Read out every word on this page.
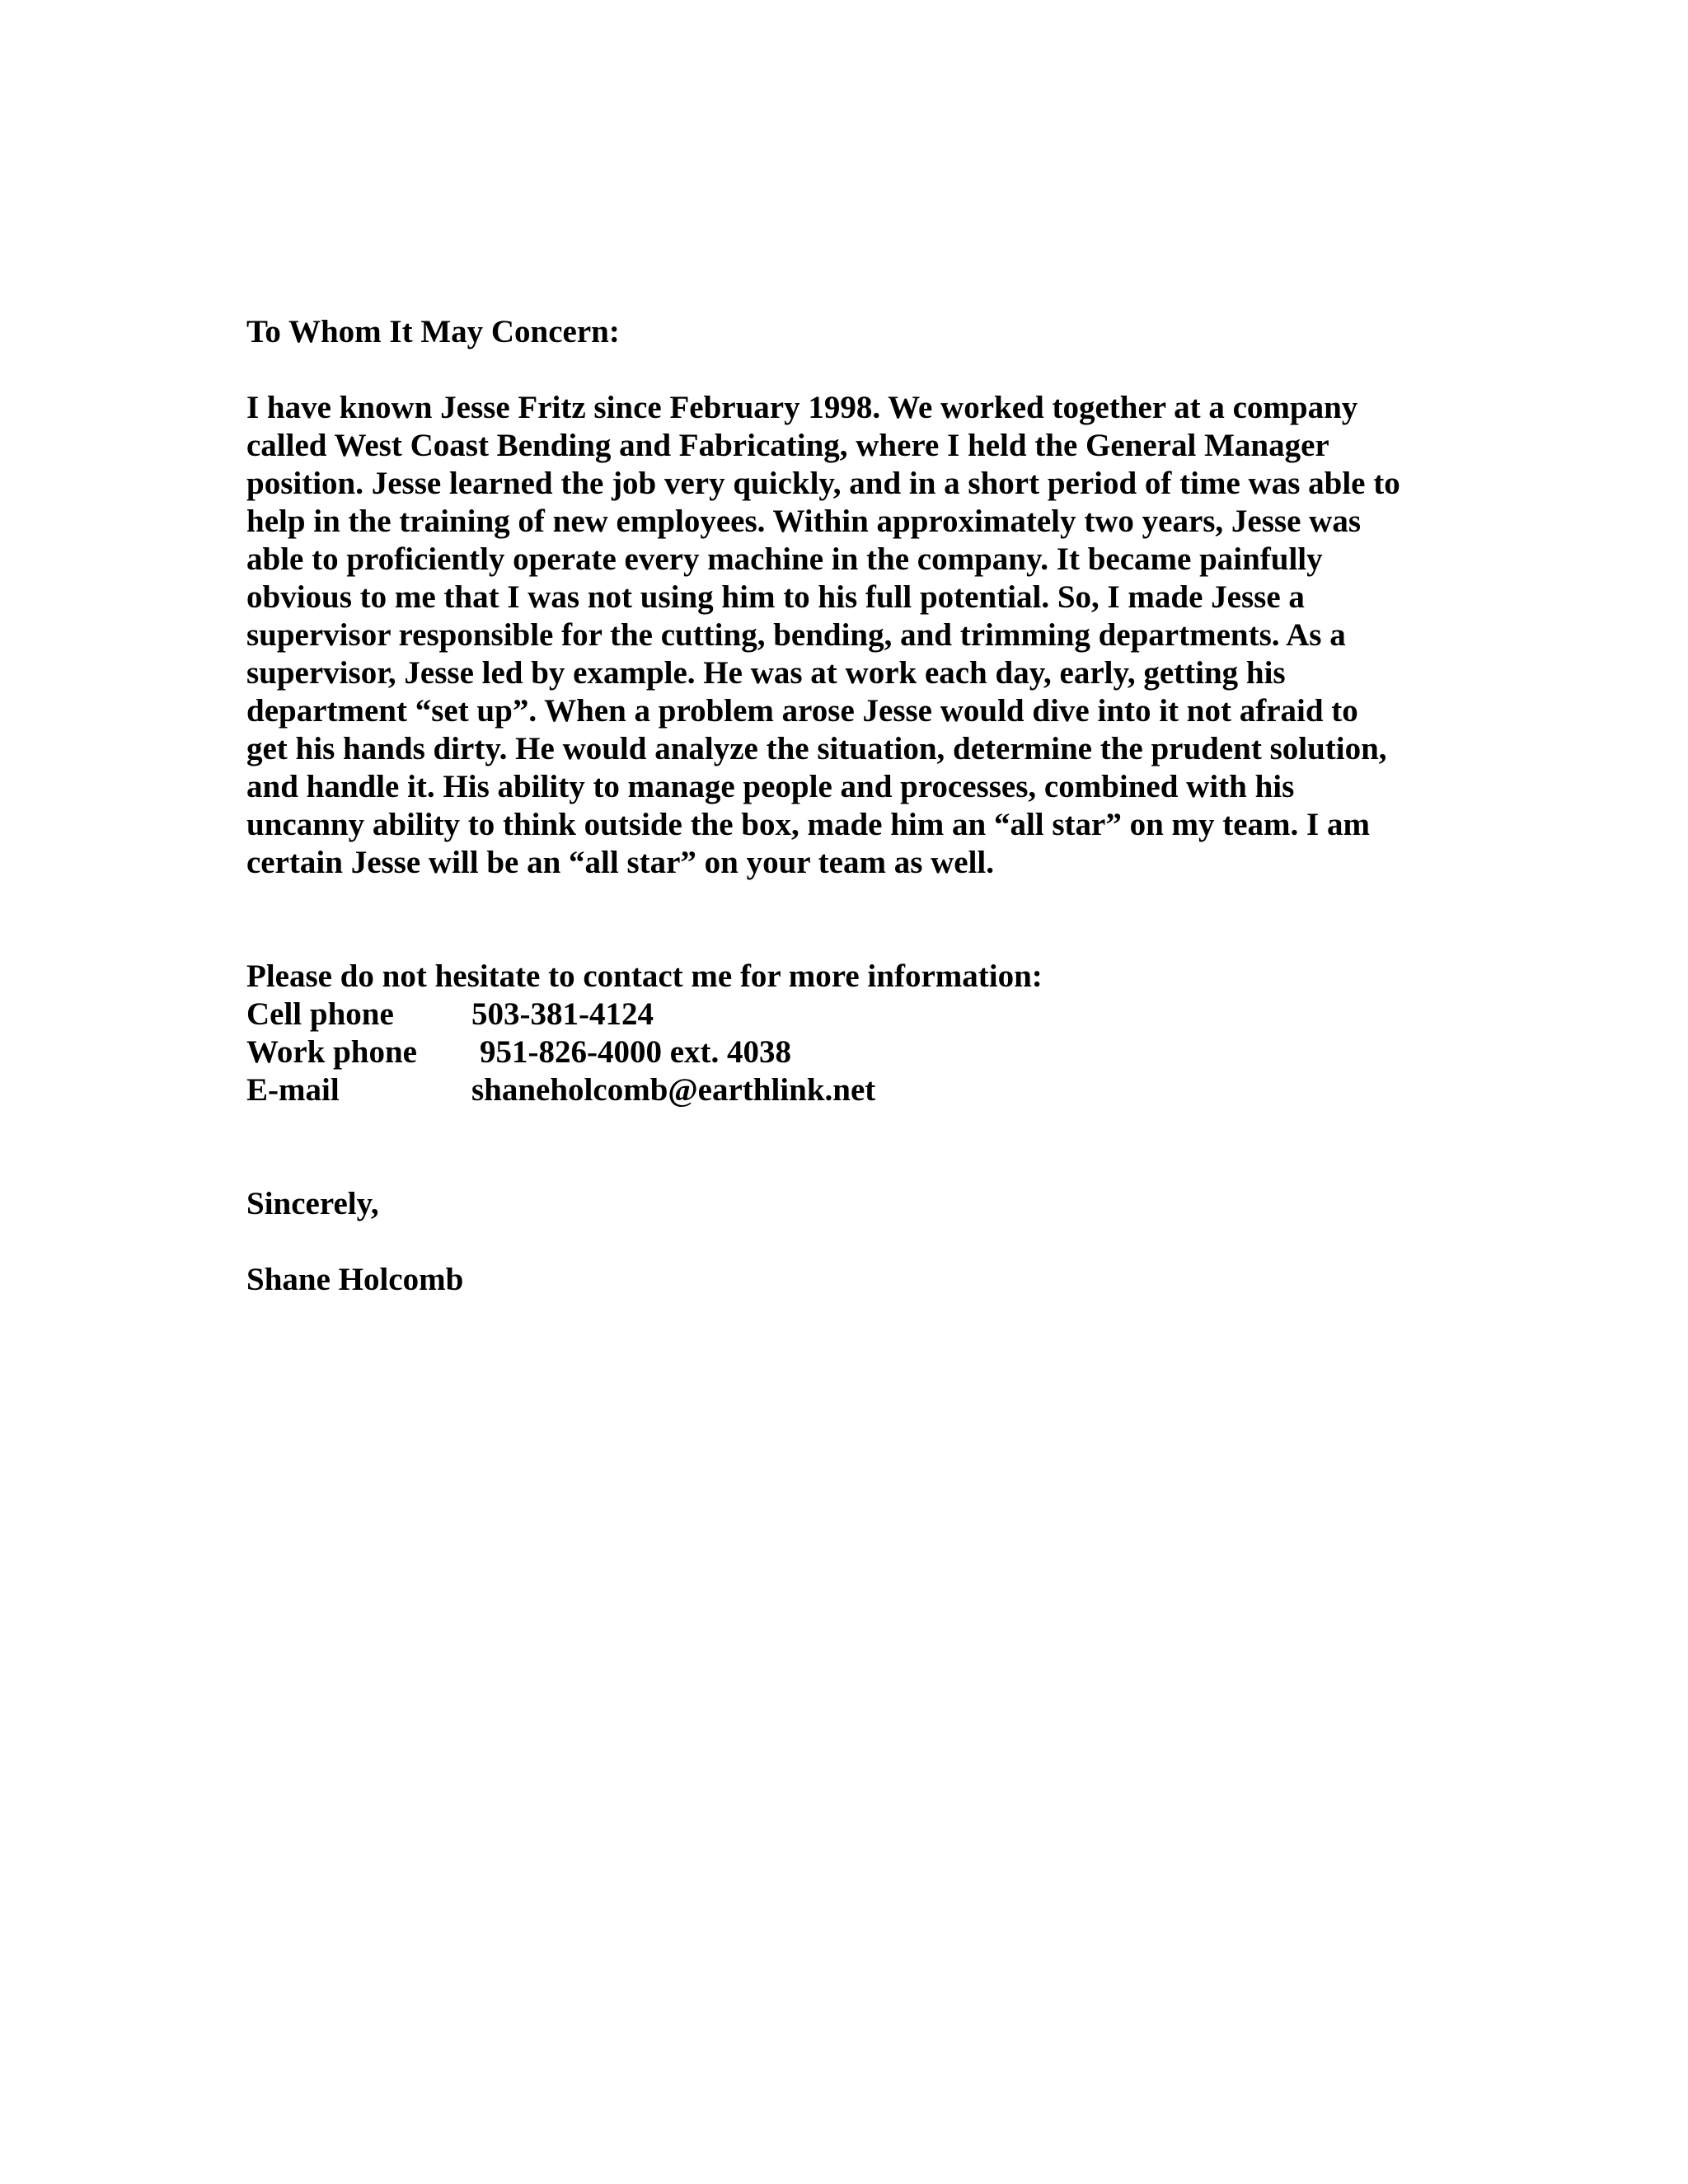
To Whom It May Concern:

I have known Jesse Fritz since February 1998. We worked together at a company
called West Coast Bending and Fabricating, where I held the General Manager
position. Jesse learned the job very quickly, and in a short period of time was able to
help in the training of new employees. Within approximately two years, Jesse was
able to proficiently operate every machine in the company. It became painfully
obvious to me that I was not using him to his full potential. So, I made Jesse a
supervisor responsible for the cutting, bending, and trimming departments. As a
supervisor, Jesse led by example. He was at work each day, early, getting his
department “set up”. When a problem arose Jesse would dive into it not afraid to
get his hands dirty. He would analyze the situation, determine the prudent solution,
and handle it. His ability to manage people and processes, combined with his
uncanny ability to think outside the box, made him an “all star” on my team. I am
certain Jesse will be an “all star” on your team as well.

Please do not hesitate to contact me for more information:
Cell phone	503-381-4124
Work phone	951-826-4000 ext. 4038
E-mail	shaneholcomb@earthlink.net
Sincerely,
Shane Holcomb
